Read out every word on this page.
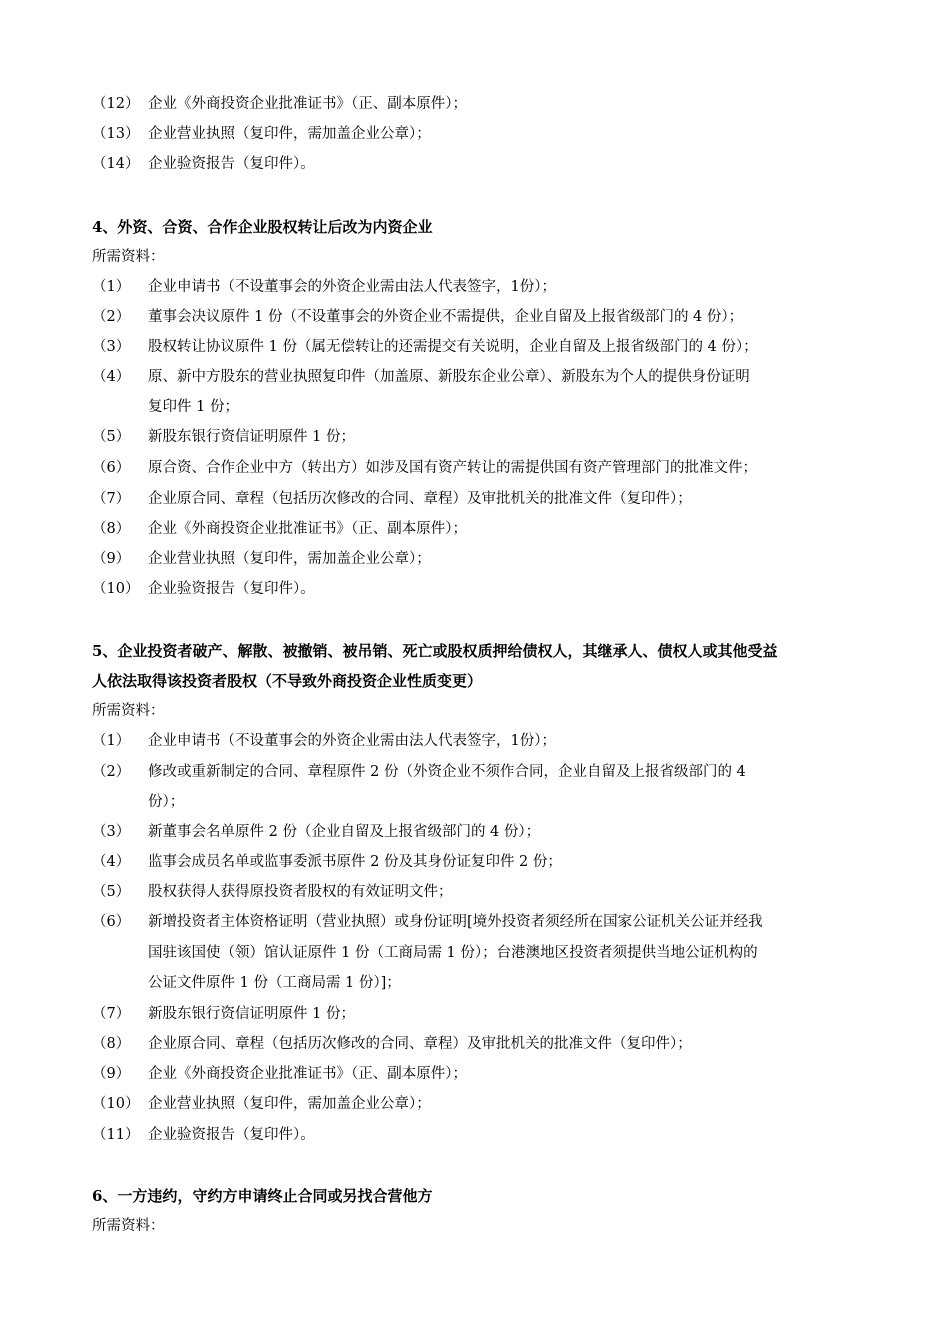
（12） 企业《外商投资企业批准证书》（正、副本原件）；
（13） 企业营业执照（复印件，需加盖企业公章）；
（14） 企业验资报告（复印件）。
4、外资、合资、合作企业股权转让后改为内资企业
所需资料：
（1）	企业申请书（不设董事会的外资企业需由法人代表签字，1份）；
（2）	董事会决议原件 1 份（不设董事会的外资企业不需提供，企业自留及上报省级部门的 4 份）；
（3）	股权转让协议原件 1 份（属无偿转让的还需提交有关说明，企业自留及上报省级部门的 4 份）；
（4）	原、新中方股东的营业执照复印件（加盖原、新股东企业公章）、新股东为个人的提供身份证明
复印件 1 份；
（5）	新股东银行资信证明原件 1 份；
（6）	原合资、合作企业中方（转出方）如涉及国有资产转让的需提供国有资产管理部门的批准文件；
（7）	企业原合同、章程（包括历次修改的合同、章程）及审批机关的批准文件（复印件）；
（8）	企业《外商投资企业批准证书》（正、副本原件）；
（9）	企业营业执照（复印件，需加盖企业公章）；
（10） 企业验资报告（复印件）。
5、企业投资者破产、解散、被撤销、被吊销、死亡或股权质押给债权人，其继承人、债权人或其他受益
人依法取得该投资者股权（不导致外商投资企业性质变更）
所需资料：
（1）	企业申请书（不设董事会的外资企业需由法人代表签字，1份）；
（2）	修改或重新制定的合同、章程原件 2 份（外资企业不须作合同，企业自留及上报省级部门的 4
份）；
（3）	新董事会名单原件 2 份（企业自留及上报省级部门的 4 份）；
（4）	监事会成员名单或监事委派书原件 2 份及其身份证复印件 2 份；
（5）	股权获得人获得原投资者股权的有效证明文件；
（6）	新增投资者主体资格证明（营业执照）或身份证明[境外投资者须经所在国家公证机关公证并经我
国驻该国使（领）馆认证原件 1 份（工商局需 1 份）；台港澳地区投资者须提供当地公证机构的
公证文件原件 1 份（工商局需 1 份）]；
（7）	新股东银行资信证明原件 1 份；
（8）	企业原合同、章程（包括历次修改的合同、章程）及审批机关的批准文件（复印件）；
（9）	企业《外商投资企业批准证书》（正、副本原件）；
（10） 企业营业执照（复印件，需加盖企业公章）；
（11） 企业验资报告（复印件）。
6、一方违约，守约方申请终止合同或另找合营他方
所需资料：
